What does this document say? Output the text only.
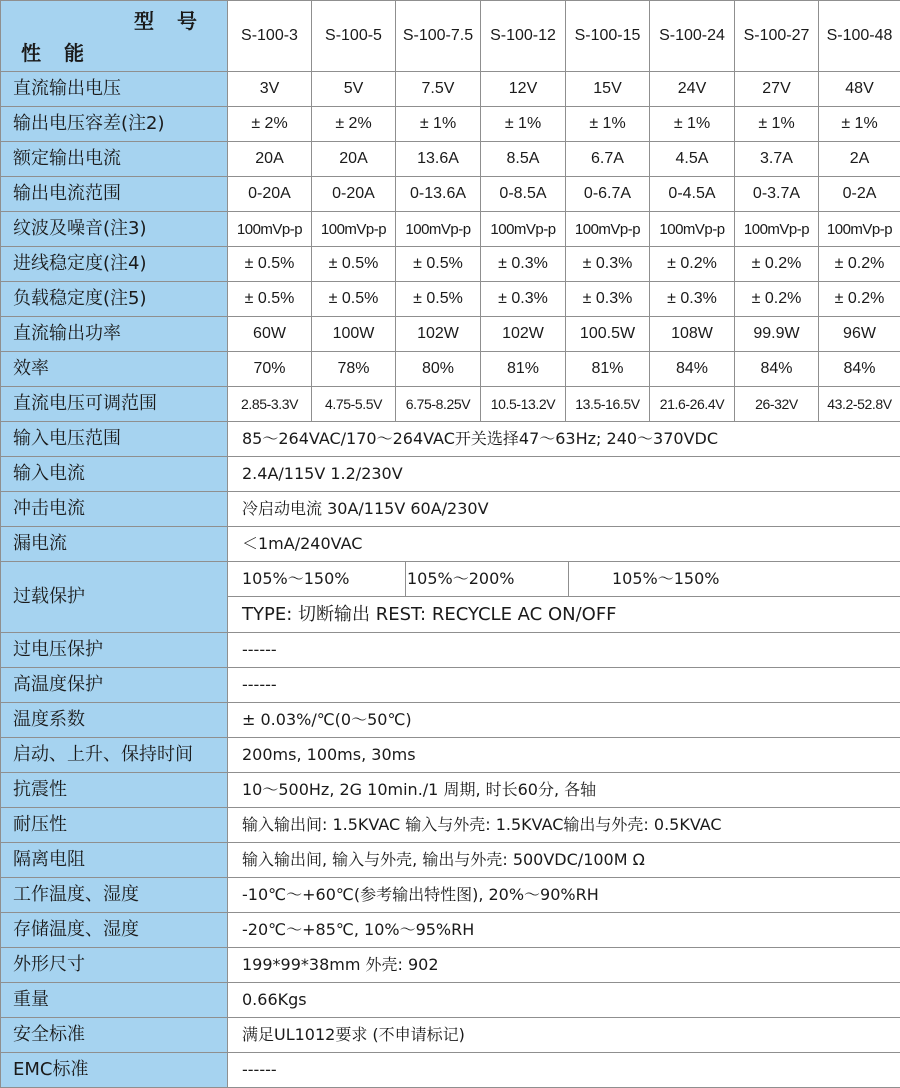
型 号
性 能	S-100-3	S-100-5	S-100-7.5	S-100-12	S-100-15	S-100-24	S-100-27	S-100-48
直流输出电压	3V	5V	7.5V	12V	15V	24V	27V	48V
输出电压容差(注2)	± 2%	± 2%	± 1%	± 1%	± 1%	± 1%	± 1%	± 1%
额定输出电流	20A	20A	13.6A	8.5A	6.7A	4.5A	3.7A	2A
输出电流范围	0-20A	0-20A	0-13.6A	0-8.5A	0-6.7A	0-4.5A	0-3.7A	0-2A
纹波及噪音(注3)	100mVp-p	100mVp-p	100mVp-p	100mVp-p	100mVp-p	100mVp-p	100mVp-p	100mVp-p
进线稳定度(注4)	± 0.5%	± 0.5%	± 0.5%	± 0.3%	± 0.3%	± 0.2%	± 0.2%	± 0.2%
负载稳定度(注5)	± 0.5%	± 0.5%	± 0.5%	± 0.3%	± 0.3%	± 0.3%	± 0.2%	± 0.2%
直流输出功率	60W	100W	102W	102W	100.5W	108W	99.9W	96W
效率	70%	78%	80%	81%	81%	84%	84%	84%
直流电压可调范围	2.85-3.3V	4.75-5.5V	6.75-8.25V	10.5-13.2V	13.5-16.5V	21.6-26.4V	26-32V	43.2-52.8V
输入电压范围	85～264VAC/170～264VAC开关选择47～63Hz; 240～370VDC							
输入电流	2.4A/115V 1.2/230V							
冲击电流	冷启动电流 30A/115V 60A/230V							
漏电流	＜1mA/240VAC							
过载保护	105%～150% 105%～200% 105%～150%							

	TYPE: 切断输出 REST: RECYCLE AC ON/OFF							
过电压保护	------							
高温度保护	------							
温度系数	± 0.03%/℃(0～50℃)							
启动、上升、保持时间	200ms, 100ms, 30ms							
抗震性	10～500Hz, 2G 10min./1 周期, 时长60分, 各轴							
耐压性	输入输出间: 1.5KVAC 输入与外壳: 1.5KVAC输出与外壳: 0.5KVAC							
隔离电阻	输入输出间, 输入与外壳, 输出与外壳: 500VDC/100M Ω							
工作温度、湿度	-10℃～+60℃(参考输出特性图), 20%～90%RH							
存储温度、湿度	-20℃～+85℃, 10%～95%RH							
外形尺寸	199*99*38mm 外壳: 902							
重量	0.66Kgs							
安全标准	满足UL1012要求 (不申请标记)							
EMC标准	------							
